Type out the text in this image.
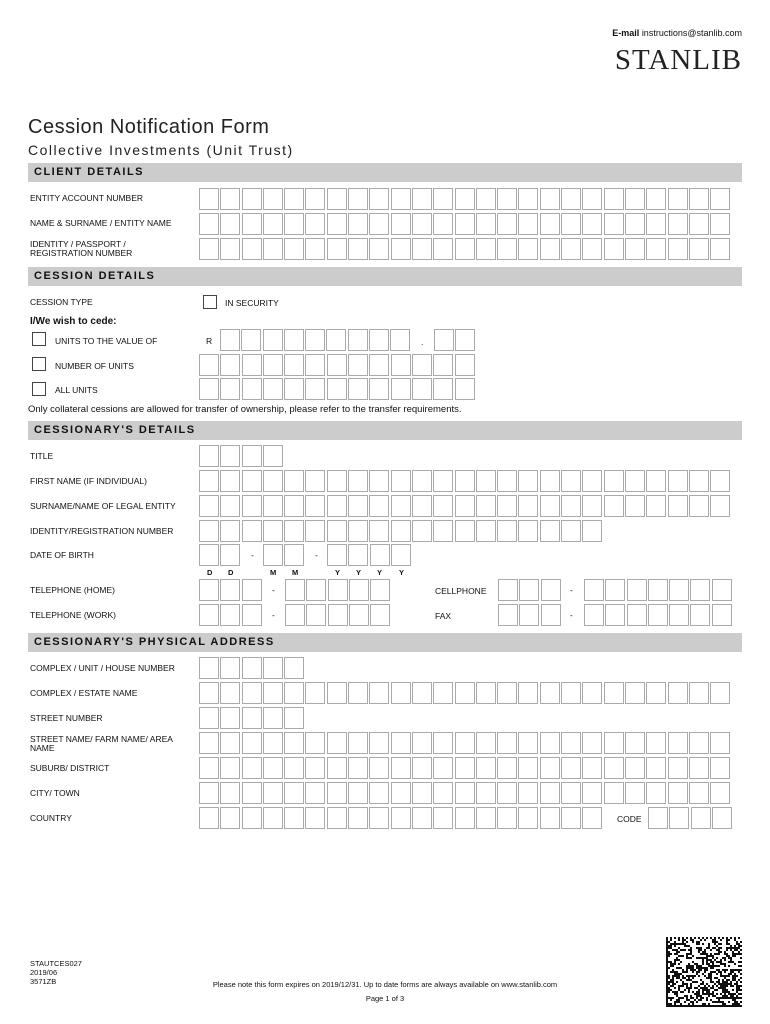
E-mail instructions@stanlib.com
STANLIB
Cession Notification Form
Collective Investments (Unit Trust)
CLIENT DETAILS
ENTITY ACCOUNT NUMBER
NAME & SURNAME / ENTITY NAME
IDENTITY / PASSPORT /
REGISTRATION NUMBER
CESSION DETAILS
CESSION TYPE	IN SECURITY
I/We wish to cede:
UNITS TO THE VALUE OF	R	.
NUMBER OF UNITS
ALL UNITS
Only collateral cessions are allowed for transfer of ownership, please refer to the transfer requirements.
CESSIONARY'S DETAILS
TITLE
FIRST NAME (IF INDIVIDUAL)
SURNAME/NAME OF LEGAL ENTITY
IDENTITY/REGISTRATION NUMBER
DATE OF BIRTH	-	-
D D	M M	Y Y Y Y
TELEPHONE (HOME)	-	CELLPHONE	-
TELEPHONE (WORK)	-	FAX	-
CESSIONARY'S PHYSICAL ADDRESS
COMPLEX / UNIT / HOUSE NUMBER
COMPLEX / ESTATE NAME
STREET NUMBER
STREET NAME/ FARM NAME/ AREA
NAME
SUBURB/ DISTRICT
CITY/ TOWN
COUNTRY	CODE
STAUTCES027
2019/06
3571ZB	Please note this form expires on 2019/12/31. Up to date forms are always available on www.stanlib.com
Page 1 of 3
